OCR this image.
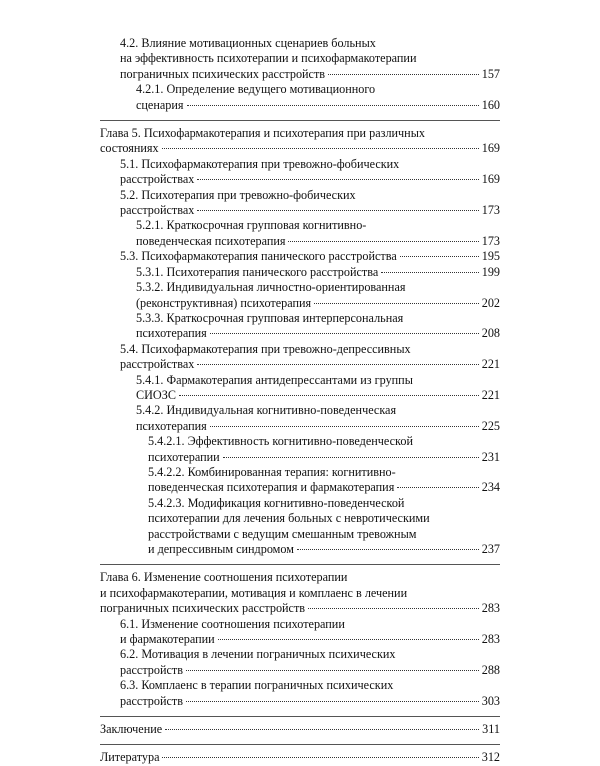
4.2. Влияние мотивационных сценариев больных
на эффективность психотерапии и психофармакотерапии
пограничных психических расстройств	157
4.2.1. Определение ведущего мотивационного
сценария	160
Глава 5. Психофармакотерапия и психотерапия при различных
состояниях	169
5.1. Психофармакотерапия при тревожно-фобических
расстройствах	169
5.2. Психотерапия при тревожно-фобических
расстройствах	173
5.2.1. Краткосрочная групповая когнитивно-
поведенческая психотерапия	173
5.3. Психофармакотерапия панического расстройства	195
5.3.1. Психотерапия панического расстройства	199
5.3.2. Индивидуальная личностно-ориентированная
(реконструктивная) психотерапия	202
5.3.3. Краткосрочная групповая интерперсональная
психотерапия	208
5.4. Психофармакотерапия при тревожно-депрессивных
расстройствах	221
5.4.1. Фармакотерапия антидепрессантами из группы
СИОЗС	221
5.4.2. Индивидуальная когнитивно-поведенческая
психотерапия	225
5.4.2.1. Эффективность когнитивно-поведенческой
психотерапии	231
5.4.2.2. Комбинированная терапия: когнитивно-
поведенческая психотерапия и фармакотерапия	234
5.4.2.3. Модификация когнитивно-поведенческой
психотерапии для лечения больных с невротическими
расстройствами с ведущим смешанным тревожным
и депрессивным синдромом	237
Глава 6. Изменение соотношения психотерапии
и психофармакотерапии, мотивация и комплаенс в лечении
пограничных психических расстройств	283
6.1. Изменение соотношения психотерапии
и фармакотерапии	283
6.2. Мотивация в лечении пограничных психических
расстройств	288
6.3. Комплаенс в терапии пограничных психических
расстройств	303
Заключение	311
Литература	312
